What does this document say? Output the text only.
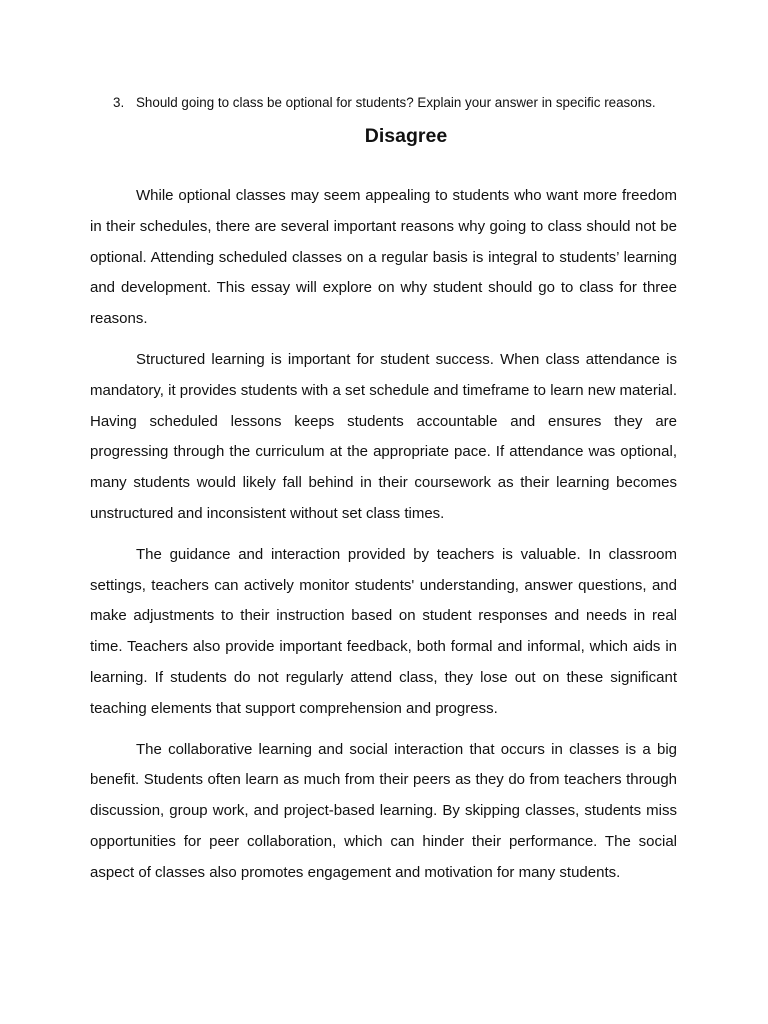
3. Should going to class be optional for students? Explain your answer in specific reasons.
Disagree

While optional classes may seem appealing to students who want more freedom in their schedules, there are several important reasons why going to class should not be optional. Attending scheduled classes on a regular basis is integral to students’ learning and development. This essay will explore on why student should go to class for three reasons.

Structured learning is important for student success. When class attendance is mandatory, it provides students with a set schedule and timeframe to learn new material. Having scheduled lessons keeps students accountable and ensures they are progressing through the curriculum at the appropriate pace. If attendance was optional, many students would likely fall behind in their coursework as their learning becomes unstructured and inconsistent without set class times.

The guidance and interaction provided by teachers is valuable. In classroom settings, teachers can actively monitor students' understanding, answer questions, and make adjustments to their instruction based on student responses and needs in real time. Teachers also provide important feedback, both formal and informal, which aids in learning. If students do not regularly attend class, they lose out on these significant teaching elements that support comprehension and progress.

The collaborative learning and social interaction that occurs in classes is a big benefit. Students often learn as much from their peers as they do from teachers through discussion, group work, and project-based learning. By skipping classes, students miss opportunities for peer collaboration, which can hinder their performance. The social aspect of classes also promotes engagement and motivation for many students.
